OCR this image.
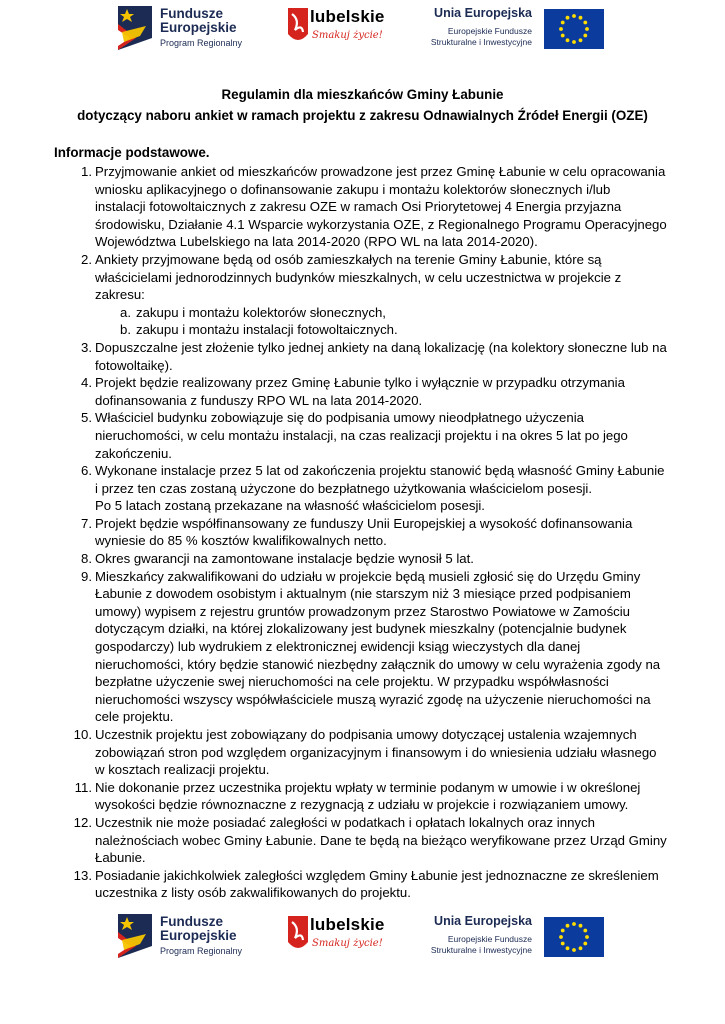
Fundusze
Europejskie
Program Regionalny
lubelskie
Smakuj życie!
Unia Europejska
Europejskie Fundusze
Strukturalne i Inwestycyjne
Regulamin dla mieszkańców Gminy Łabunie
dotyczący naboru ankiet w ramach projektu z zakresu Odnawialnych Źródeł Energii (OZE)
Informacje podstawowe.
1. Przyjmowanie ankiet od mieszkańców prowadzone jest przez Gminę Łabunie w celu opracowania
wniosku aplikacyjnego o dofinansowanie zakupu i montażu kolektorów słonecznych i/lub
instalacji fotowoltaicznych z zakresu OZE w ramach Osi Priorytetowej 4 Energia przyjazna
środowisku, Działanie 4.1 Wsparcie wykorzystania OZE, z Regionalnego Programu Operacyjnego
Województwa Lubelskiego na lata 2014-2020 (RPO WL na lata 2014-2020).
2. Ankiety przyjmowane będą od osób zamieszkałych na terenie Gminy Łabunie, które są
właścicielami jednorodzinnych budynków mieszkalnych, w celu uczestnictwa w projekcie z
zakresu:
a. zakupu i montażu kolektorów słonecznych,
b. zakupu i montażu instalacji fotowoltaicznych.
3. Dopuszczalne jest złożenie tylko jednej ankiety na daną lokalizację (na kolektory słoneczne lub na
fotowoltaikę).
4. Projekt będzie realizowany przez Gminę Łabunie tylko i wyłącznie w przypadku otrzymania
dofinansowania z funduszy RPO WL na lata 2014-2020.
5. Właściciel budynku zobowiązuje się do podpisania umowy nieodpłatnego użyczenia
nieruchomości, w celu montażu instalacji, na czas realizacji projektu i na okres 5 lat po jego
zakończeniu.
6. Wykonane instalacje przez 5 lat od zakończenia projektu stanowić będą własność Gminy Łabunie
i przez ten czas zostaną użyczone do bezpłatnego użytkowania właścicielom posesji.
Po 5 latach zostaną przekazane na własność właścicielom posesji.
7. Projekt będzie współfinansowany ze funduszy Unii Europejskiej a wysokość dofinansowania
wyniesie do 85 % kosztów kwalifikowalnych netto.
8. Okres gwarancji na zamontowane instalacje będzie wynosił 5 lat.
9. Mieszkańcy zakwalifikowani do udziału w projekcie będą musieli zgłosić się do Urzędu Gminy
Łabunie z dowodem osobistym i aktualnym (nie starszym niż 3 miesiące przed podpisaniem
umowy) wypisem z rejestru gruntów prowadzonym przez Starostwo Powiatowe w Zamościu
dotyczącym działki, na której zlokalizowany jest budynek mieszkalny (potencjalnie budynek
gospodarczy) lub wydrukiem z elektronicznej ewidencji ksiąg wieczystych dla danej
nieruchomości, który będzie stanowić niezbędny załącznik do umowy w celu wyrażenia zgody na
bezpłatne użyczenie swej nieruchomości na cele projektu. W przypadku współwłasności
nieruchomości wszyscy współwłaściciele muszą wyrazić zgodę na użyczenie nieruchomości na
cele projektu.
10. Uczestnik projektu jest zobowiązany do podpisania umowy dotyczącej ustalenia wzajemnych
zobowiązań stron pod względem organizacyjnym i finansowym i do wniesienia udziału własnego
w kosztach realizacji projektu.
11. Nie dokonanie przez uczestnika projektu wpłaty w terminie podanym w umowie i w określonej
wysokości będzie równoznaczne z rezygnacją z udziału w projekcie i rozwiązaniem umowy.
12. Uczestnik nie może posiadać zaległości w podatkach i opłatach lokalnych oraz innych
należnościach wobec Gminy Łabunie. Dane te będą na bieżąco weryfikowane przez Urząd Gminy
Łabunie.
13. Posiadanie jakichkolwiek zaległości względem Gminy Łabunie jest jednoznaczne ze skreśleniem
uczestnika z listy osób zakwalifikowanych do projektu.
Fundusze
Europejskie
Program Regionalny
lubelskie
Smakuj życie!
Unia Europejska
Europejskie Fundusze
Strukturalne i Inwestycyjne
